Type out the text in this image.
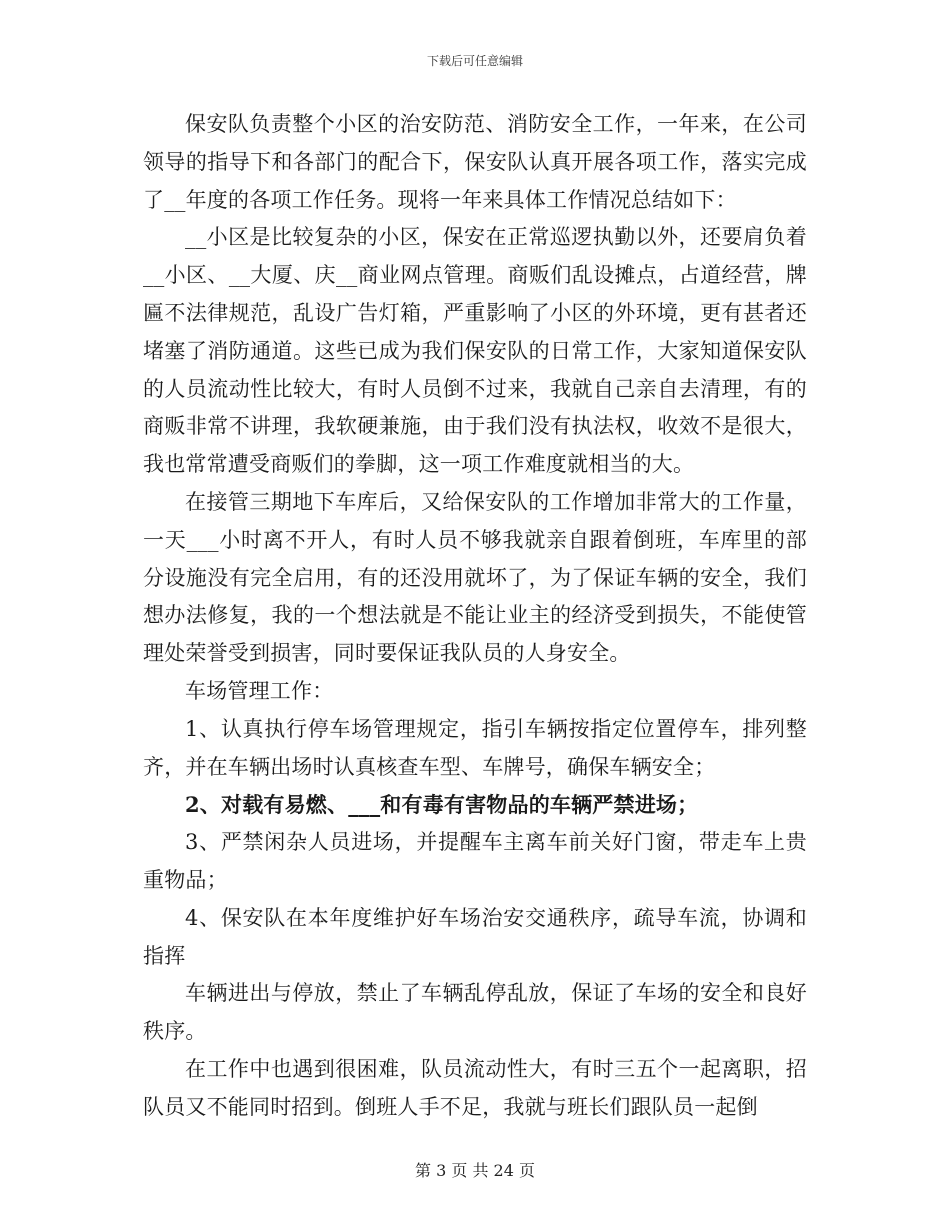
下载后可任意编辑

保安队负责整个小区的治安防范、消防安全工作，一年来，在公司领导的指导下和各部门的配合下，保安队认真开展各项工作，落实完成了__年度的各项工作任务。现将一年来具体工作情况总结如下：

__小区是比较复杂的小区，保安在正常巡逻执勤以外，还要肩负着__小区、__大厦、庆__商业网点管理。商贩们乱设摊点，占道经营，牌匾不法律规范，乱设广告灯箱，严重影响了小区的外环境，更有甚者还堵塞了消防通道。这些已成为我们保安队的日常工作，大家知道保安队的人员流动性比较大，有时人员倒不过来，我就自己亲自去清理，有的商贩非常不讲理，我软硬兼施，由于我们没有执法权，收效不是很大，我也常常遭受商贩们的拳脚，这一项工作难度就相当的大。

在接管三期地下车库后，又给保安队的工作增加非常大的工作量，一天___小时离不开人，有时人员不够我就亲自跟着倒班，车库里的部分设施没有完全启用，有的还没用就坏了，为了保证车辆的安全，我们想办法修复，我的一个想法就是不能让业主的经济受到损失，不能使管理处荣誉受到损害，同时要保证我队员的人身安全。

车场管理工作：

1、认真执行停车场管理规定，指引车辆按指定位置停车，排列整齐，并在车辆出场时认真核查车型、车牌号，确保车辆安全；

2、对载有易燃、___和有毒有害物品的车辆严禁进场；

3、严禁闲杂人员进场，并提醒车主离车前关好门窗，带走车上贵重物品；

4、保安队在本年度维护好车场治安交通秩序，疏导车流，协调和指挥

车辆进出与停放，禁止了车辆乱停乱放，保证了车场的安全和良好秩序。

在工作中也遇到很困难，队员流动性大，有时三五个一起离职，招队员又不能同时招到。倒班人手不足，我就与班长们跟队员一起倒

第 3 页 共 24 页
